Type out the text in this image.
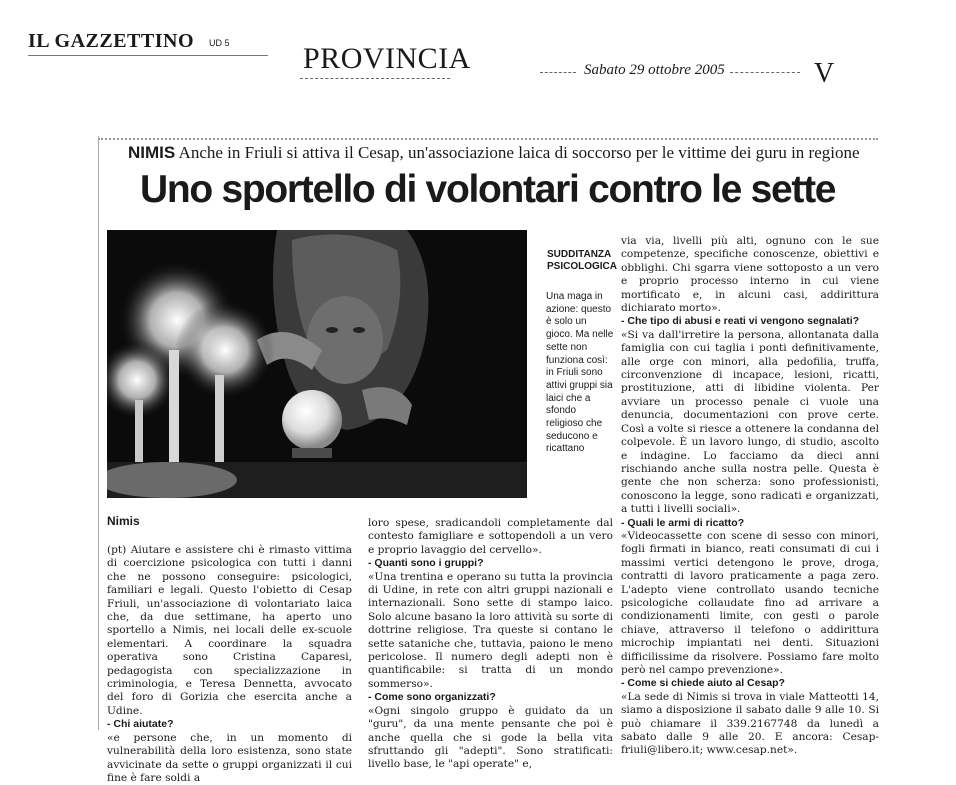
IL GAZZETTINO UD 5 PROVINCIA	Sabato 29 ottobre 2005	V
NIMIS Anche in Friuli si attiva il Cesap, un'associazione laica di soccorso per le vittime dei guru in regione
Uno sportello di volontari contro le sette
SUDDITANZA PSICOLOGICA
Una maga in azione: questo è solo un gioco. Ma nelle sette non funziona così: in Friuli sono attivi gruppi sia laici che a sfondo religioso che seducono e ricattano
Nimis

(pt) Aiutare e assistere chi è rimasto vittima di coercizione psicologica con tutti i danni che ne possono conseguire: psicologici, familiari e legali. Questo l'obietto di Cesap Friuli, un'associazione di volontariato laica che, da due settimane, ha aperto uno sportello a Nimis, nei locali delle ex-scuole elementari. A coordinare la squadra operativa sono Cristina Caparesi, pedagogista con specializzazione in criminologia, e Teresa Dennetta, avvocato del foro di Gorizia che esercita anche a Udine.

- Chi aiutate?

«e persone che, in un momento di vulnerabilità della loro esistenza, sono state avvicinate da sette o gruppi organizzati il cui fine è fare soldi a

loro spese, sradicandoli completamente dal contesto famigliare e sottopendoli a un vero e proprio lavaggio del cervello».

- Quanti sono i gruppi?

«Una trentina e operano su tutta la provincia di Udine, in rete con altri gruppi nazionali e internazionali. Sono sette di stampo laico. Solo alcune basano la loro attività su sorte di dottrine religiose. Tra queste si contano le sette sataniche che, tuttavia, paiono le meno pericolose. Il numero degli adepti non è quantificabile: si tratta di un mondo sommerso».

- Come sono organizzati?

«Ogni singolo gruppo è guidato da un "guru", da una mente pensante che poi è anche quella che si gode la bella vita sfruttando gli "adepti". Sono stratificati: livello base, le "api operate" e,

via via, livelli più alti, ognuno con le sue competenze, specifiche conoscenze, obiettivi e obblighi. Chi sgarra viene sottoposto a un vero e proprio processo interno in cui viene mortificato e, in alcuni casi, addirittura dichiarato morto».

- Che tipo di abusi e reati vi vengono segnalati?

«Si va dall'irretire la persona, allontanata dalla famiglia con cui taglia i ponti definitivamente, alle orge con minori, alla pedofilia, truffa, circonvenzione di incapace, lesioni, ricatti, prostituzione, atti di libidine violenta. Per avviare un processo penale ci vuole una denuncia, documentazioni con prove certe. Così a volte si riesce a ottenere la condanna del colpevole. È un lavoro lungo, di studio, ascolto e indagine. Lo facciamo da dieci anni rischiando anche sulla nostra pelle. Questa è gente che non scherza: sono professionisti, conoscono la legge, sono radicati e organizzati, a tutti i livelli sociali».

- Quali le armi di ricatto?

«Videocassette con scene di sesso con minori, fogli firmati in bianco, reati consumati di cui i massimi vertici detengono le prove, droga, contratti di lavoro praticamente a paga zero. L'adepto viene controllato usando tecniche psicologiche collaudate fino ad arrivare a condizionamenti limite, con gesti o parole chiave, attraverso il telefono o addirittura microchip impiantati nei denti. Situazioni difficilissime da risolvere. Possiamo fare molto però nel campo prevenzione».

- Come si chiede aiuto al Cesap?

«La sede di Nimis si trova in viale Matteotti 14, siamo a disposizione il sabato dalle 9 alle 10. Si può chiamare il 339.2167748 da lunedì a sabato dalle 9 alle 20. E ancora: Cesap-friuli@libero.it; www.cesap.net».
